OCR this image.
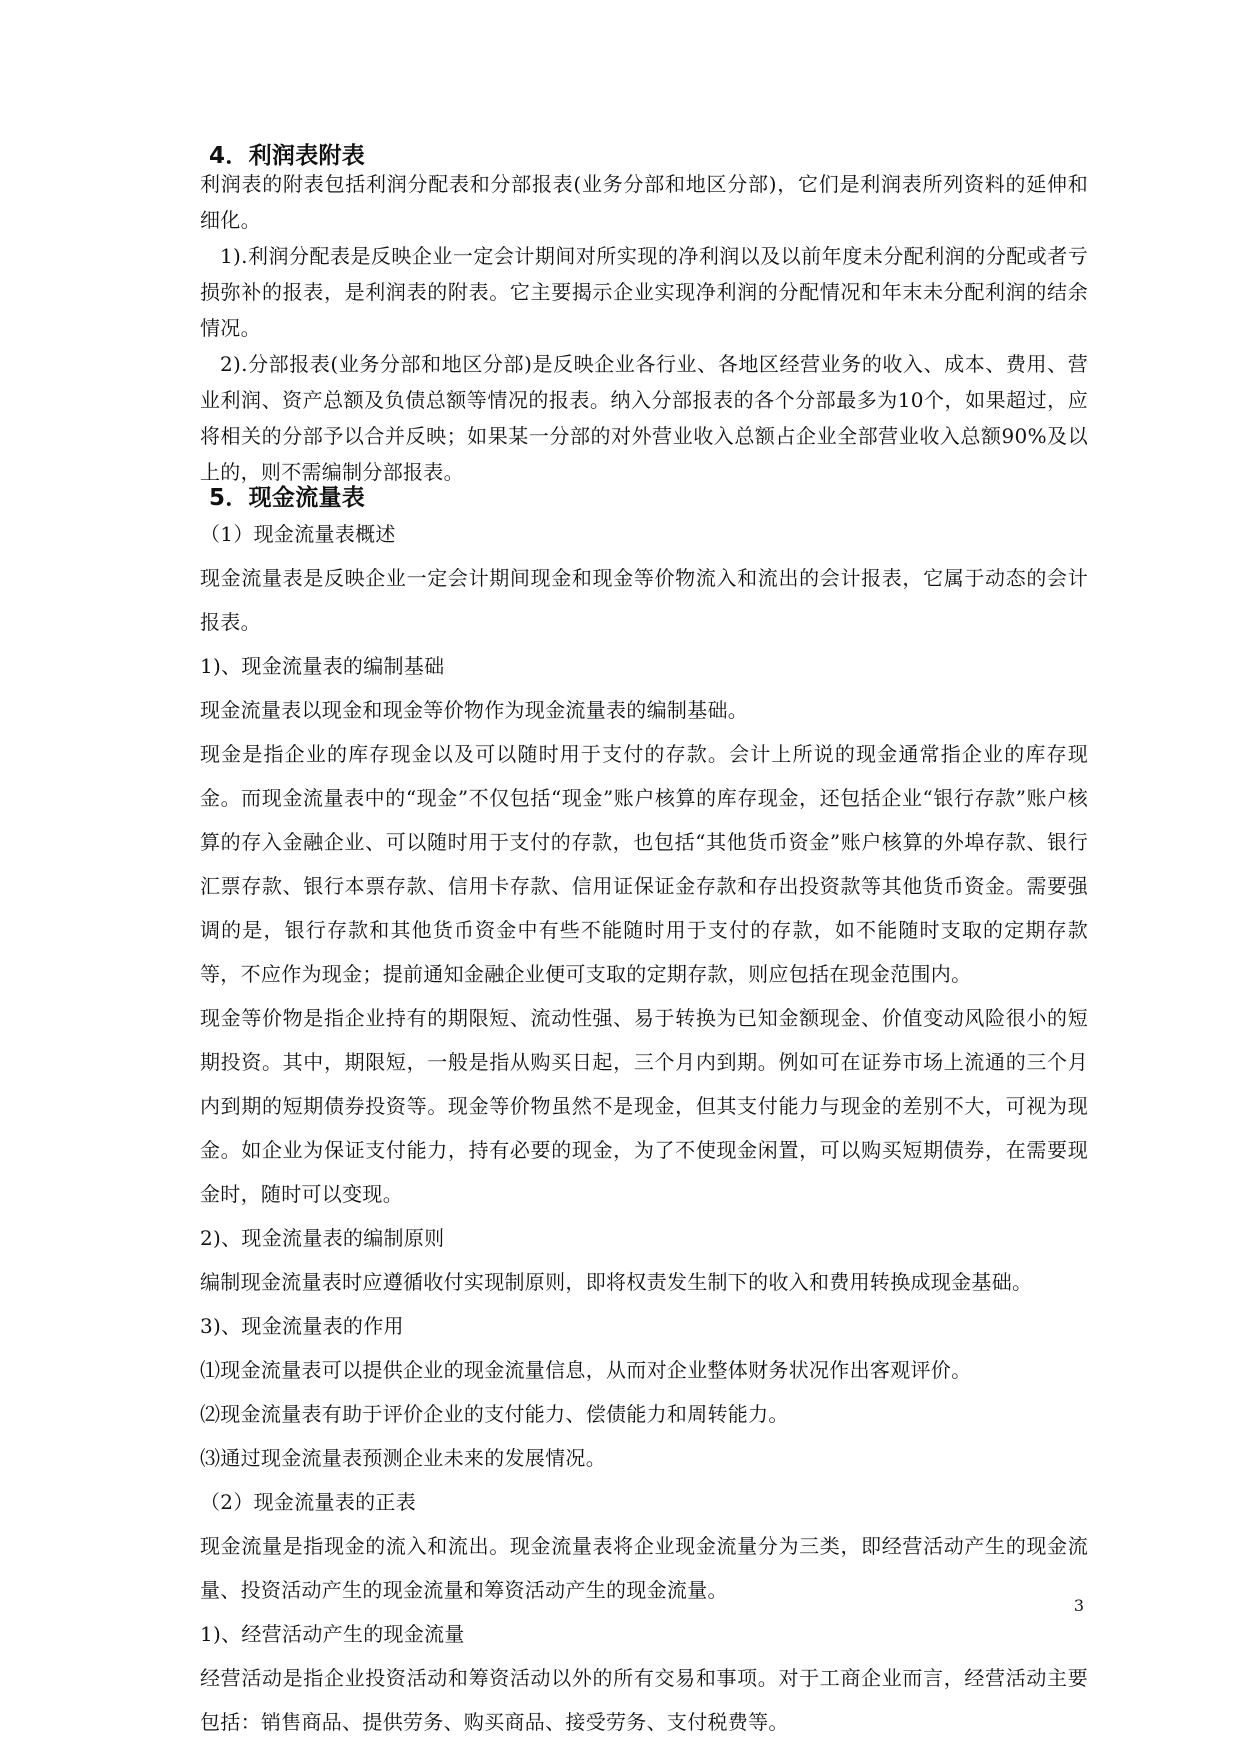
4．利润表附表

利润表的附表包括利润分配表和分部报表(业务分部和地区分部)，它们是利润表所列资料的延伸和细化。

1).利润分配表是反映企业一定会计期间对所实现的净利润以及以前年度未分配利润的分配或者亏损弥补的报表，是利润表的附表。它主要揭示企业实现净利润的分配情况和年末未分配利润的结余情况。

2).分部报表(业务分部和地区分部)是反映企业各行业、各地区经营业务的收入、成本、费用、营业利润、资产总额及负债总额等情况的报表。纳入分部报表的各个分部最多为10个，如果超过，应将相关的分部予以合并反映；如果某一分部的对外营业收入总额占企业全部营业收入总额90%及以上的，则不需编制分部报表。

5．现金流量表

（1）现金流量表概述

现金流量表是反映企业一定会计期间现金和现金等价物流入和流出的会计报表，它属于动态的会计报表。

1)、现金流量表的编制基础

现金流量表以现金和现金等价物作为现金流量表的编制基础。

现金是指企业的库存现金以及可以随时用于支付的存款。会计上所说的现金通常指企业的库存现金。而现金流量表中的“现金”不仅包括“现金”账户核算的库存现金，还包括企业“银行存款”账户核算的存入金融企业、可以随时用于支付的存款，也包括“其他货币资金”账户核算的外埠存款、银行汇票存款、银行本票存款、信用卡存款、信用证保证金存款和存出投资款等其他货币资金。需要强调的是，银行存款和其他货币资金中有些不能随时用于支付的存款，如不能随时支取的定期存款等，不应作为现金；提前通知金融企业便可支取的定期存款，则应包括在现金范围内。

现金等价物是指企业持有的期限短、流动性强、易于转换为已知金额现金、价值变动风险很小的短期投资。其中，期限短，一般是指从购买日起，三个月内到期。例如可在证券市场上流通的三个月内到期的短期债券投资等。现金等价物虽然不是现金，但其支付能力与现金的差别不大，可视为现金。如企业为保证支付能力，持有必要的现金，为了不使现金闲置，可以购买短期债券，在需要现金时，随时可以变现。

2)、现金流量表的编制原则

编制现金流量表时应遵循收付实现制原则，即将权责发生制下的收入和费用转换成现金基础。

3)、现金流量表的作用

⑴现金流量表可以提供企业的现金流量信息，从而对企业整体财务状况作出客观评价。

⑵现金流量表有助于评价企业的支付能力、偿债能力和周转能力。

⑶通过现金流量表预测企业未来的发展情况。

（2）现金流量表的正表

现金流量是指现金的流入和流出。现金流量表将企业现金流量分为三类，即经营活动产生的现金流量、投资活动产生的现金流量和筹资活动产生的现金流量。

1)、经营活动产生的现金流量

经营活动是指企业投资活动和筹资活动以外的所有交易和事项。对于工商企业而言，经营活动主要包括：销售商品、提供劳务、购买商品、接受劳务、支付税费等。

3
